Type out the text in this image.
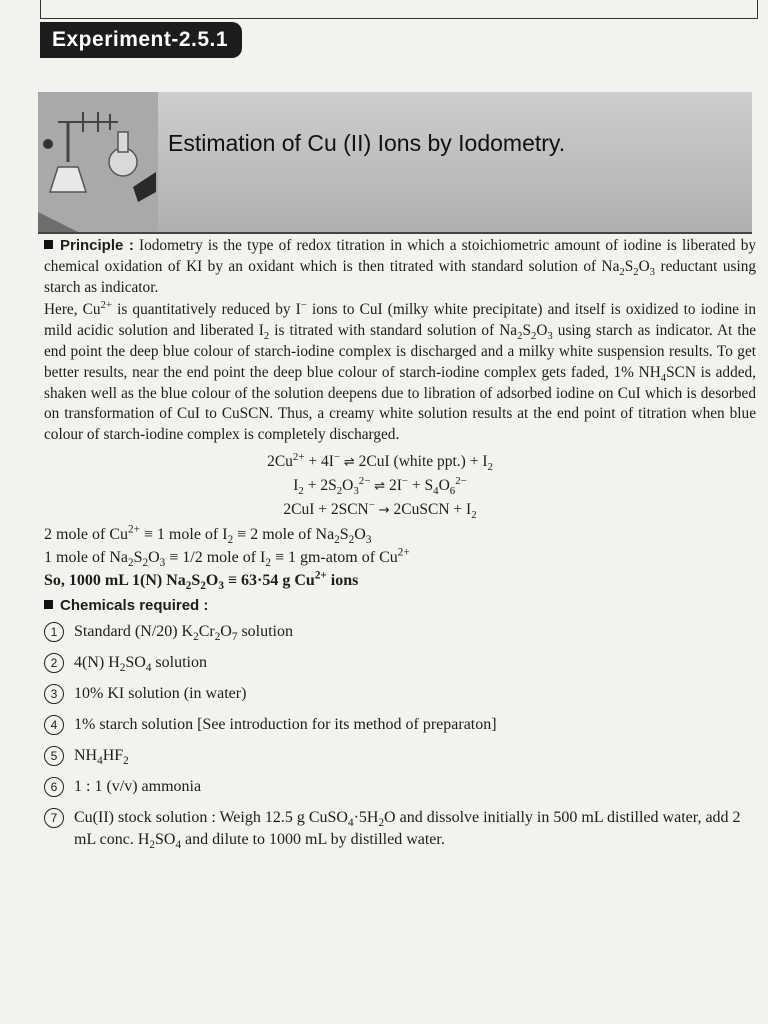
Experiment-2.5.1
Estimation of Cu (II) Ions by Iodometry.

Principle : Iodometry is the type of redox titration in which a stoichiometric amount of iodine is liberated by chemical oxidation of KI by an oxidant which is then titrated with standard solution of $Na_2S_2O_3$ reductant using starch as indicator.

Here, $Cu^{2+}$ is quantitatively reduced by I− ions to CuI (milky white precipitate) and itself is oxidized to iodine in mild acidic solution and liberated $I_2$ is titrated with standard solution of $Na_2S_2O_3$ using starch as indicator. At the end point the deep blue colour of starch-iodine complex is discharged and a milky white suspension results. To get better results, near the end point the deep blue colour of starch-iodine complex gets faded, 1% $NH_4SCN$ is added, shaken well as the blue colour of the solution deepens due to libration of adsorbed iodine on CuI which is desorbed on transformation of CuI to CuSCN. Thus, a creamy white solution results at the end point of titration when blue colour of starch-iodine complex is completely discharged.

$2Cu^{2+} + 4I^-$ ⇌ 2CuI (white $ppt.) + I_2$
$I_2 + 2S_2O_3^{2-}$ ⇌ $2I^- + S_4O_6^{2-}$
2CuI + 2SCN− → 2CuSCN + $I_2$
2 mole of $Cu^{2+} \equiv 1$ mole of $I_2 \equiv 2$ mole of $Na_2S_2O_3$
1 mole of $Na_2S_2O_3 \equiv 1/2$ mole of $I_2 \equiv 1$ gm-atom of $Cu^{2+}$
So, 1000 mL 1(N) $Na_2S_2O_3 \equiv 63\cdot 54$ g $Cu^{2+}$ ions
Chemicals required :
1	Standard (N/20) $K_2Cr_2O_7$ solution
2	4(N) $H_2SO_4$ solution
3	10% KI solution (in water)
4	1% starch solution [See introduction for its method of preparaton]
5	$NH_4HF_2$
6	1 : 1 (v/v) ammonia
7	Cu(II) stock solution : Weigh 12.5 g $CuSO_4\cdot 5H_2O$ and dissolve initially in 500 mL distilled water, add 2 mL conc. $H_2SO_4$ and dilute to 1000 mL by distilled water.
